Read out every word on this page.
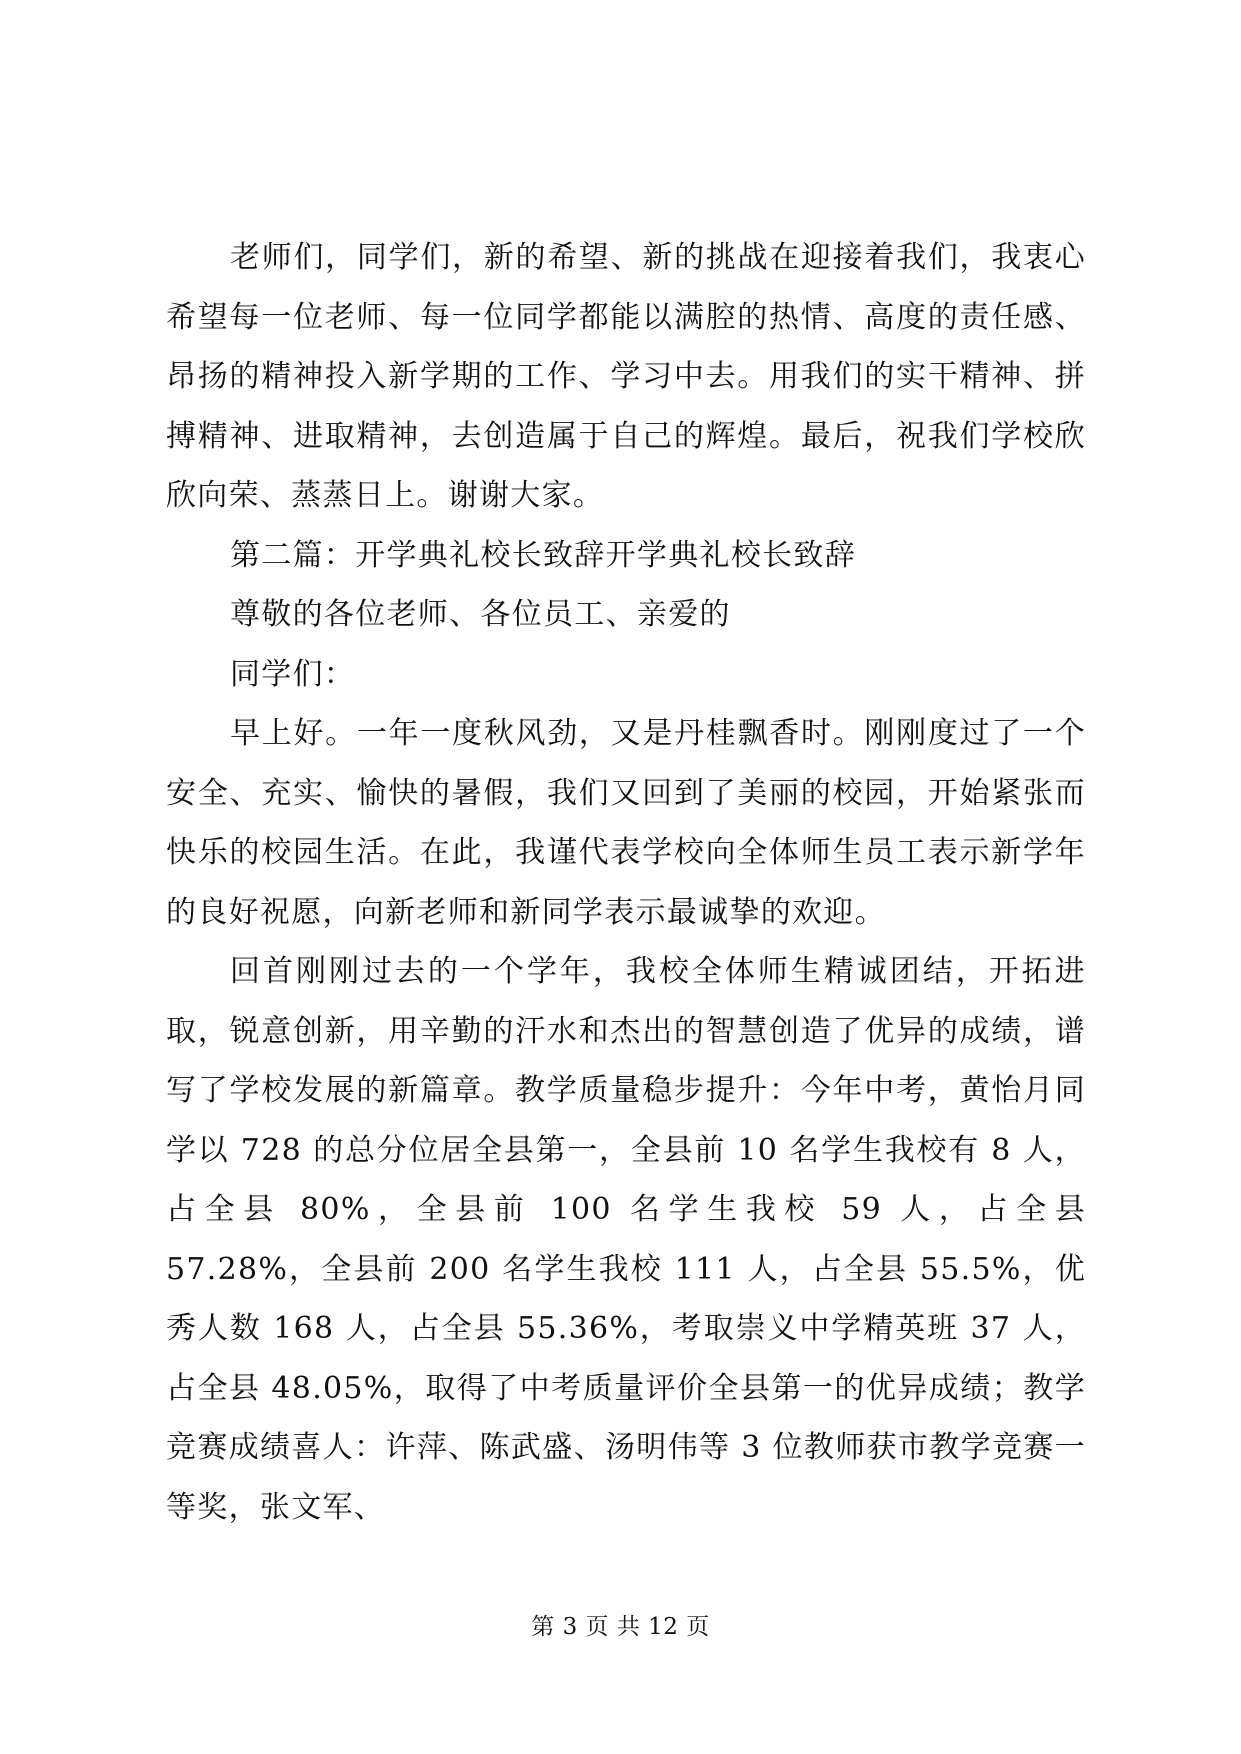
老师们，同学们，新的希望、新的挑战在迎接着我们，我衷心希望每一位老师、每一位同学都能以满腔的热情、高度的责任感、昂扬的精神投入新学期的工作、学习中去。用我们的实干精神、拼搏精神、进取精神，去创造属于自己的辉煌。最后，祝我们学校欣欣向荣、蒸蒸日上。谢谢大家。

第二篇：开学典礼校长致辞开学典礼校长致辞

尊敬的各位老师、各位员工、亲爱的

同学们：

早上好。一年一度秋风劲，又是丹桂飘香时。刚刚度过了一个安全、充实、愉快的暑假，我们又回到了美丽的校园，开始紧张而快乐的校园生活。在此，我谨代表学校向全体师生员工表示新学年的良好祝愿，向新老师和新同学表示最诚挚的欢迎。

回首刚刚过去的一个学年，我校全体师生精诚团结，开拓进取，锐意创新，用辛勤的汗水和杰出的智慧创造了优异的成绩，谱写了学校发展的新篇章。教学质量稳步提升：今年中考，黄怡月同学以 728 的总分位居全县第一，全县前 10 名学生我校有 8 人，占全县 80%，全县前 100 名学生我校 59 人，占全县 57.28%，全县前 200 名学生我校 111 人，占全县 55.5%，优秀人数 168 人，占全县 55.36%，考取崇义中学精英班 37 人，占全县 48.05%，取得了中考质量评价全县第一的优异成绩；教学竞赛成绩喜人：许萍、陈武盛、汤明伟等 3 位教师获市教学竞赛一等奖，张文军、

第 3 页 共 12 页
